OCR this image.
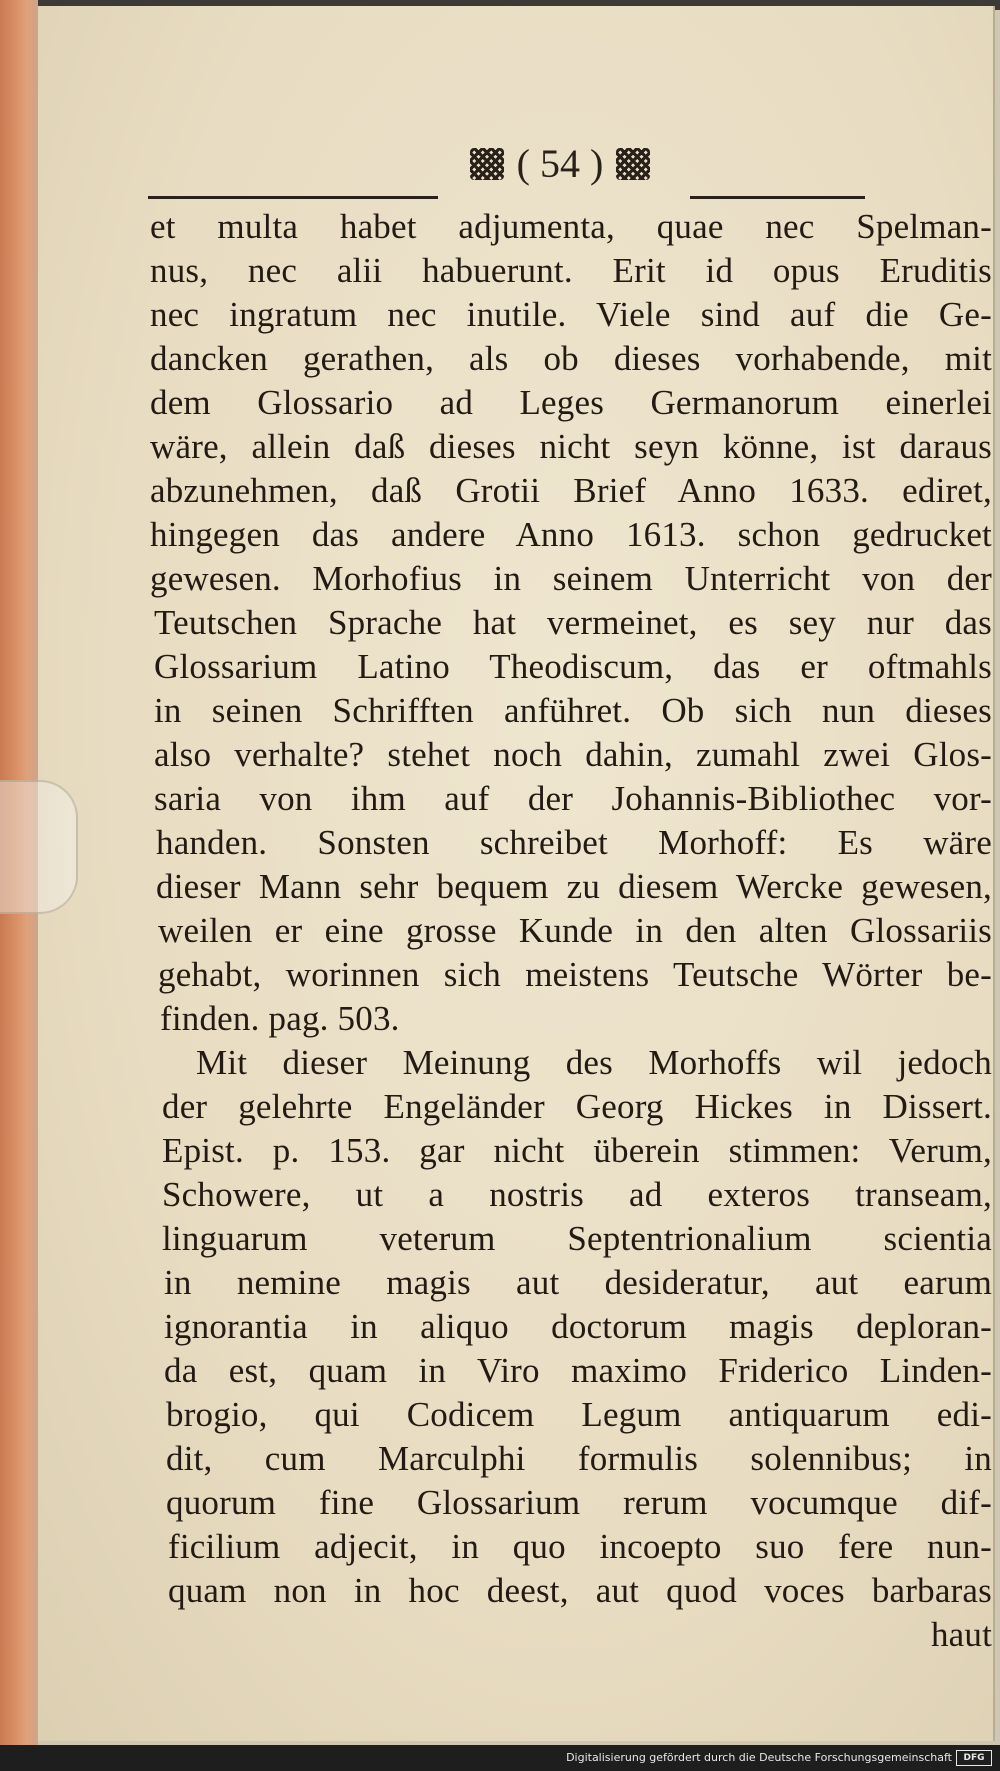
( 54 )
et multa habet adjumenta, quae nec Spelman-
nus, nec alii habuerunt. Erit id opus Eruditis
nec ingratum nec inutile. Viele sind auf die Ge-
dancken gerathen, als ob dieses vorhabende, mit
dem Glossario ad Leges Germanorum einerlei
wäre, allein daß dieses nicht seyn könne, ist daraus
abzunehmen, daß Grotii Brief Anno 1633. ediret,
hingegen das andere Anno 1613. schon gedrucket
gewesen. Morhofius in seinem Unterricht von der
Teutschen Sprache hat vermeinet, es sey nur das
Glossarium Latino Theodiscum, das er oftmahls
in seinen Schrifften anführet. Ob sich nun dieses
also verhalte? stehet noch dahin, zumahl zwei Glos-
saria von ihm auf der Johannis-Bibliothec vor-
handen. Sonsten schreibet Morhoff: Es wäre
dieser Mann sehr bequem zu diesem Wercke gewesen,
weilen er eine grosse Kunde in den alten Glossariis
gehabt, worinnen sich meistens Teutsche Wörter be-
finden. pag. 503.
Mit dieser Meinung des Morhoffs wil jedoch
der gelehrte Engeländer Georg Hickes in Dissert.
Epist. p. 153. gar nicht überein stimmen: Verum,
Schowere, ut a nostris ad exteros transeam,
linguarum veterum Septentrionalium scientia
in nemine magis aut desideratur, aut earum
ignorantia in aliquo doctorum magis deploran-
da est, quam in Viro maximo Friderico Linden-
brogio, qui Codicem Legum antiquarum edi-
dit, cum Marculphi formulis solennibus; in
quorum fine Glossarium rerum vocumque dif-
ficilium adjecit, in quo incoepto suo fere nun-
quam non in hoc deest, aut quod voces barbaras
haut
Digitalisierung gefördert durch die Deutsche Forschungsgemeinschaft	DFG
